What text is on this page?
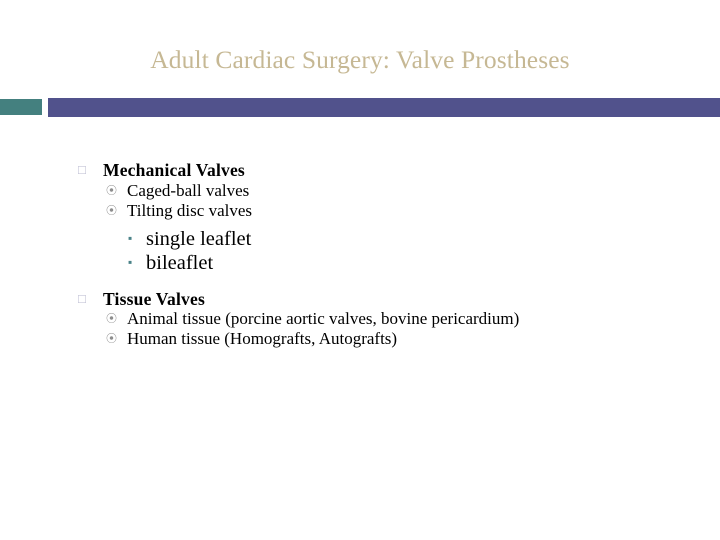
Adult Cardiac Surgery: Valve Prostheses
□ Mechanical Valves
⦿ Caged-ball valves
⦿ Tilting disc valves
▪ single leaflet
▪ bileaflet
□ Tissue Valves
⦿ Animal tissue (porcine aortic valves, bovine pericardium)
⦿ Human tissue (Homografts, Autografts)
